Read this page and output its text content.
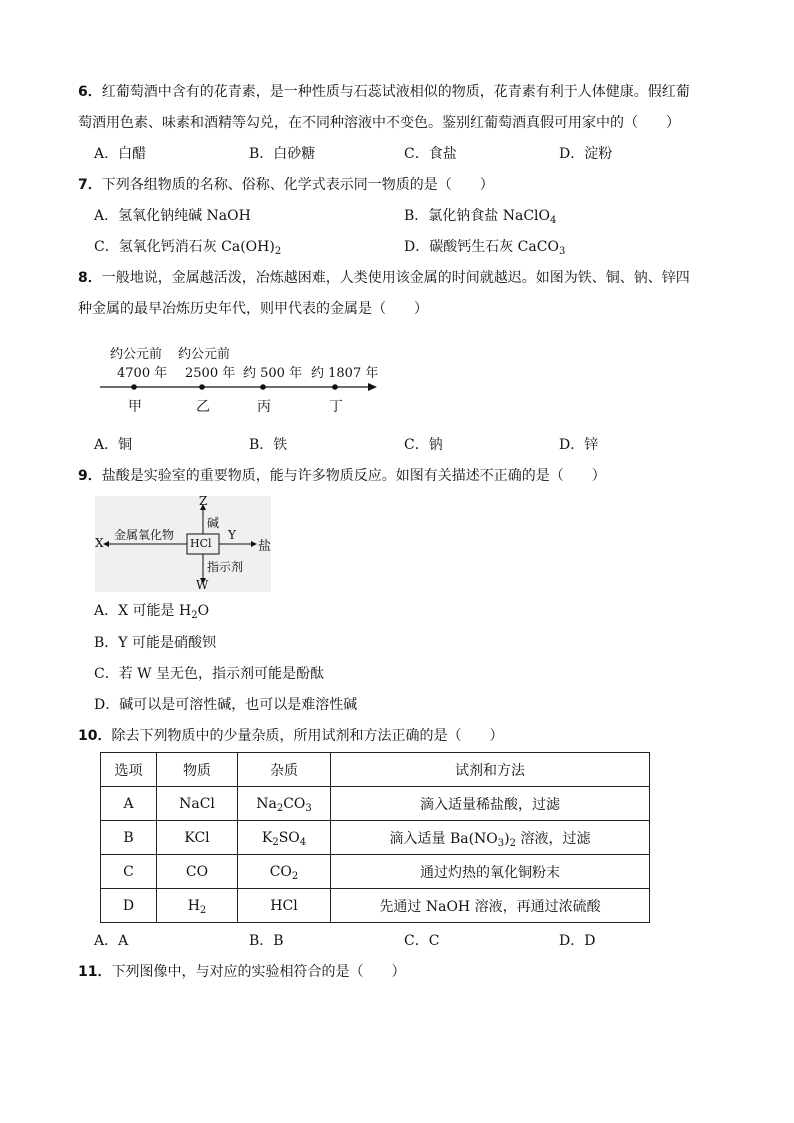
6．红葡萄酒中含有的花青素，是一种性质与石蕊试液相似的物质，花青素有利于人体健康。假红葡
萄酒用色素、味素和酒精等勾兑，在不同种溶液中不变色。鉴别红葡萄酒真假可用家中的（　　）
A．白醋	B．白砂糖	C．食盐	D．淀粉
7．下列各组物质的名称、俗称、化学式表示同一物质的是（　　）
A．氢氧化钠纯碱 NaOH	B．氯化钠食盐 NaClO$_4$
C．氢氧化钙消石灰 $Ca(OH)_2$	D．碳酸钙生石灰 CaCO$_3$
8．一般地说，金属越活泼，冶炼越困难，人类使用该金属的时间就越迟。如图为铁、铜、钠、锌四
种金属的最早冶炼历史年代，则甲代表的金属是（　　）
约公元前 约公元前
4700 年 2500 年 约 500 年 约 1807 年
甲	乙	丙	丁
A．铜	B．铁	C．钠	D．锌
9．盐酸是实验室的重要物质，能与许多物质反应。如图有关描述不正确的是（　　）
HCl
X
Y
Z
W
金属氧化物
盐
碱
指示剂
A．X 可能是 $H_2O$
B．Y 可能是硝酸钡
C．若 W 呈无色，指示剂可能是酚酞
D．碱可以是可溶性碱，也可以是难溶性碱
10．除去下列物质中的少量杂质，所用试剂和方法正确的是（　　）
选项	物质	杂质	试剂和方法
A	NaCl	$Na_2CO_3$	滴入适量稀盐酸，过滤
B	KCl	$K_2SO_4$	滴入适量 $Ba(NO_3)_2$ 溶液，过滤
C	CO	$CO_2$	通过灼热的氧化铜粉末
D	$H_2$	HCl	先通过 NaOH 溶液，再通过浓硫酸
A．A	B．B	C．C	D．D
11．下列图像中，与对应的实验相符合的是（　　）
